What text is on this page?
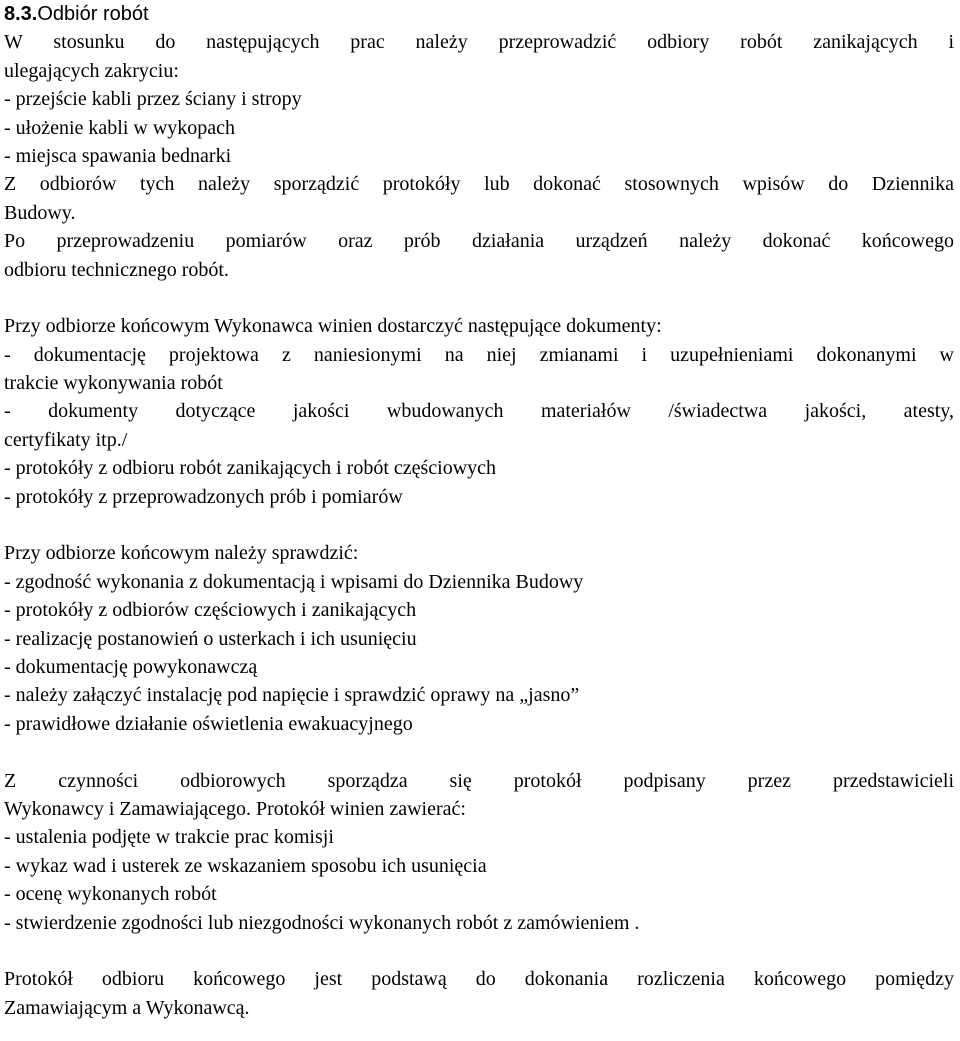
8.3.Odbiór robót
W stosunku do następujących prac należy przeprowadzić odbiory robót zanikających i
ulegających zakryciu:
- przejście kabli przez ściany i stropy
- ułożenie kabli w wykopach
- miejsca spawania bednarki
Z odbiorów tych należy sporządzić protokóły lub dokonać stosownych wpisów do Dziennika
Budowy.
Po przeprowadzeniu pomiarów oraz prób działania urządzeń należy dokonać końcowego
odbioru technicznego robót.
Przy odbiorze końcowym Wykonawca winien dostarczyć następujące dokumenty:
- dokumentację projektowa z naniesionymi na niej zmianami i uzupełnieniami dokonanymi w
trakcie wykonywania robót
- dokumenty dotyczące jakości wbudowanych materiałów /świadectwa jakości, atesty,
certyfikaty itp./
- protokóły z odbioru robót zanikających i robót częściowych
- protokóły z przeprowadzonych prób i pomiarów
Przy odbiorze końcowym należy sprawdzić:
- zgodność wykonania z dokumentacją i wpisami do Dziennika Budowy
- protokóły z odbiorów częściowych i zanikających
- realizację postanowień o usterkach i ich usunięciu
- dokumentację powykonawczą
- należy załączyć instalację pod napięcie i sprawdzić oprawy na „jasno”
- prawidłowe działanie oświetlenia ewakuacyjnego
Z czynności odbiorowych sporządza się protokół podpisany przez przedstawicieli
Wykonawcy i Zamawiającego. Protokół winien zawierać:
- ustalenia podjęte w trakcie prac komisji
- wykaz wad i usterek ze wskazaniem sposobu ich usunięcia
- ocenę wykonanych robót
- stwierdzenie zgodności lub niezgodności wykonanych robót z zamówieniem .
Protokół odbioru końcowego jest podstawą do dokonania rozliczenia końcowego pomiędzy
Zamawiającym a Wykonawcą.
